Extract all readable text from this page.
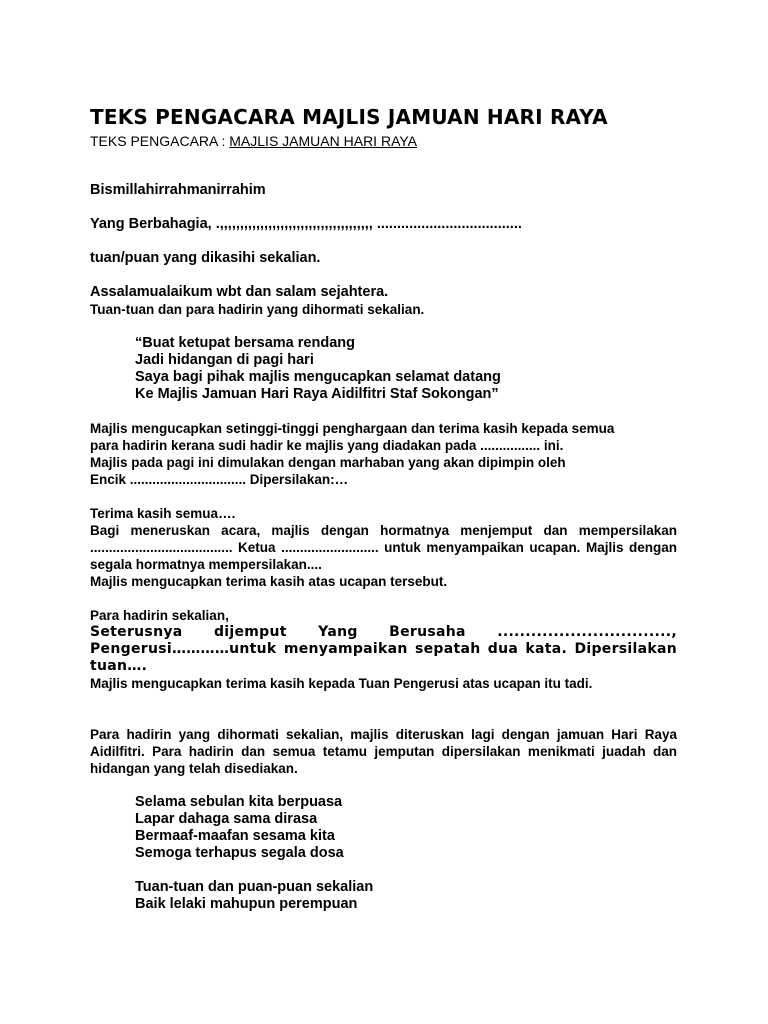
TEKS PENGACARA MAJLIS JAMUAN HARI RAYA
TEKS PENGACARA : MAJLIS JAMUAN HARI RAYA

Bismillahirrahmanirrahim

Yang Berbahagia, .,,,,,,,,,,,,,,,,,,,,,,,,,,,,,,,,,,,,,, ....................................

tuan/puan yang dikasihi sekalian.

Assalamualaikum wbt dan salam sejahtera.

Tuan-tuan dan para hadirin yang dihormati sekalian.

“Buat ketupat bersama rendang

Jadi hidangan di pagi hari

Saya bagi pihak majlis mengucapkan selamat datang

Ke Majlis Jamuan Hari Raya Aidilfitri Staf Sokongan”

Majlis mengucapkan setinggi-tinggi penghargaan dan terima kasih kepada semua

para hadirin kerana sudi hadir ke majlis yang diadakan pada ................ ini.

Majlis pada pagi ini dimulakan dengan marhaban yang akan dipimpin oleh

Encik ............................... Dipersilakan:…

Terima kasih semua….

Bagi meneruskan acara, majlis dengan hormatnya menjemput dan mempersilakan ...................................... Ketua .......................... untuk menyampaikan ucapan. Majlis dengan segala hormatnya mempersilakan....

Majlis mengucapkan terima kasih atas ucapan tersebut.

Para hadirin sekalian,

Seterusnya dijemput Yang Berusaha ..............................., Pengerusi…………untuk menyampaikan sepatah dua kata. Dipersilakan tuan….

Majlis mengucapkan terima kasih kepada Tuan Pengerusi atas ucapan itu tadi.

Para hadirin yang dihormati sekalian, majlis diteruskan lagi dengan jamuan Hari Raya Aidilfitri. Para hadirin dan semua tetamu jemputan dipersilakan menikmati juadah dan hidangan yang telah disediakan.

Selama sebulan kita berpuasa

Lapar dahaga sama dirasa

Bermaaf-maafan sesama kita

Semoga terhapus segala dosa

Tuan-tuan dan puan-puan sekalian

Baik lelaki mahupun perempuan
